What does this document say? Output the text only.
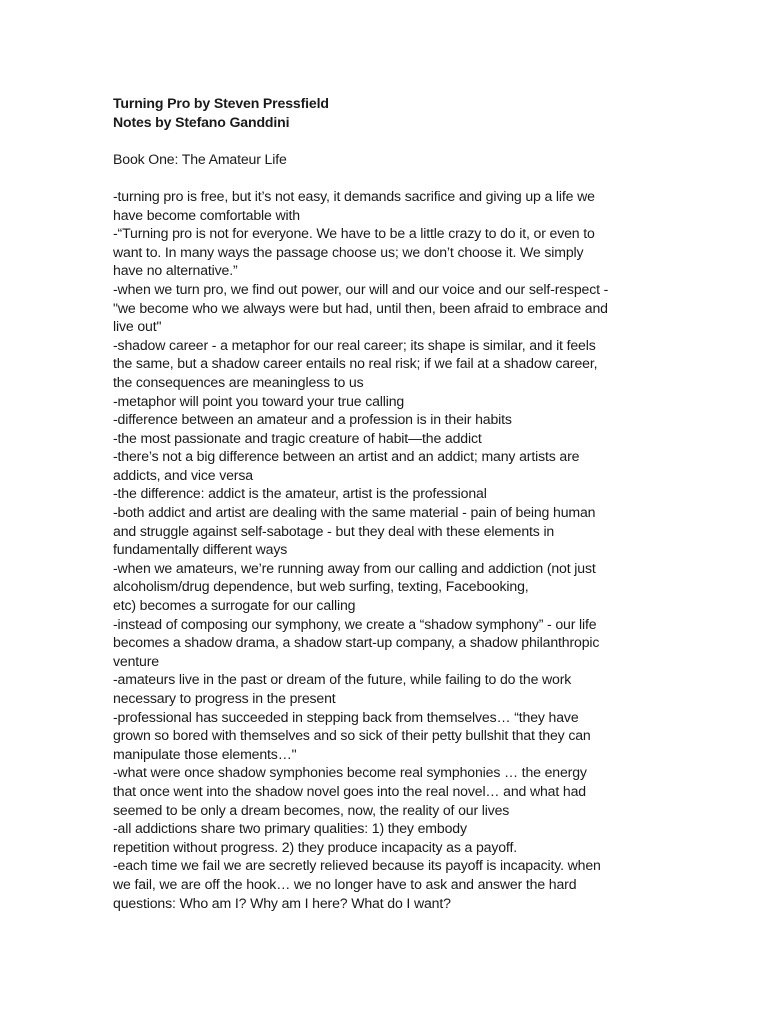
Turning Pro by Steven Pressfield

Notes by Stefano Ganddini

Book One: The Amateur Life

-turning pro is free, but it’s not easy, it demands sacrifice and giving up a life we

have become comfortable with

-“Turning pro is not for everyone. We have to be a little crazy to do it, or even to

want to. In many ways the passage choose us; we don’t choose it. We simply

have no alternative.”

-when we turn pro, we find out power, our will and our voice and our self-respect -

"we become who we always were but had, until then, been afraid to embrace and

live out"

-shadow career - a metaphor for our real career; its shape is similar, and it feels

the same, but a shadow career entails no real risk; if we fail at a shadow career,

the consequences are meaningless to us

-metaphor will point you toward your true calling

-difference between an amateur and a profession is in their habits

-the most passionate and tragic creature of habit—the addict

-there’s not a big difference between an artist and an addict; many artists are

addicts, and vice versa

-the difference: addict is the amateur, artist is the professional

-both addict and artist are dealing with the same material - pain of being human

and struggle against self-sabotage - but they deal with these elements in

fundamentally different ways

-when we amateurs, we’re running away from our calling and addiction (not just

alcoholism/drug dependence, but web surfing, texting, Facebooking,

etc) becomes a surrogate for our calling

-instead of composing our symphony, we create a “shadow symphony” - our life

becomes a shadow drama, a shadow start-up company, a shadow philanthropic

venture

-amateurs live in the past or dream of the future, while failing to do the work

necessary to progress in the present

-professional has succeeded in stepping back from themselves… “they have

grown so bored with themselves and so sick of their petty bullshit that they can

manipulate those elements…"

-what were once shadow symphonies become real symphonies … the energy

that once went into the shadow novel goes into the real novel… and what had

seemed to be only a dream becomes, now, the reality of our lives

-all addictions share two primary qualities: 1) they embody

repetition without progress. 2) they produce incapacity as a payoff.

-each time we fail we are secretly relieved because its payoff is incapacity. when

we fail, we are off the hook… we no longer have to ask and answer the hard

questions: Who am I? Why am I here? What do I want?
